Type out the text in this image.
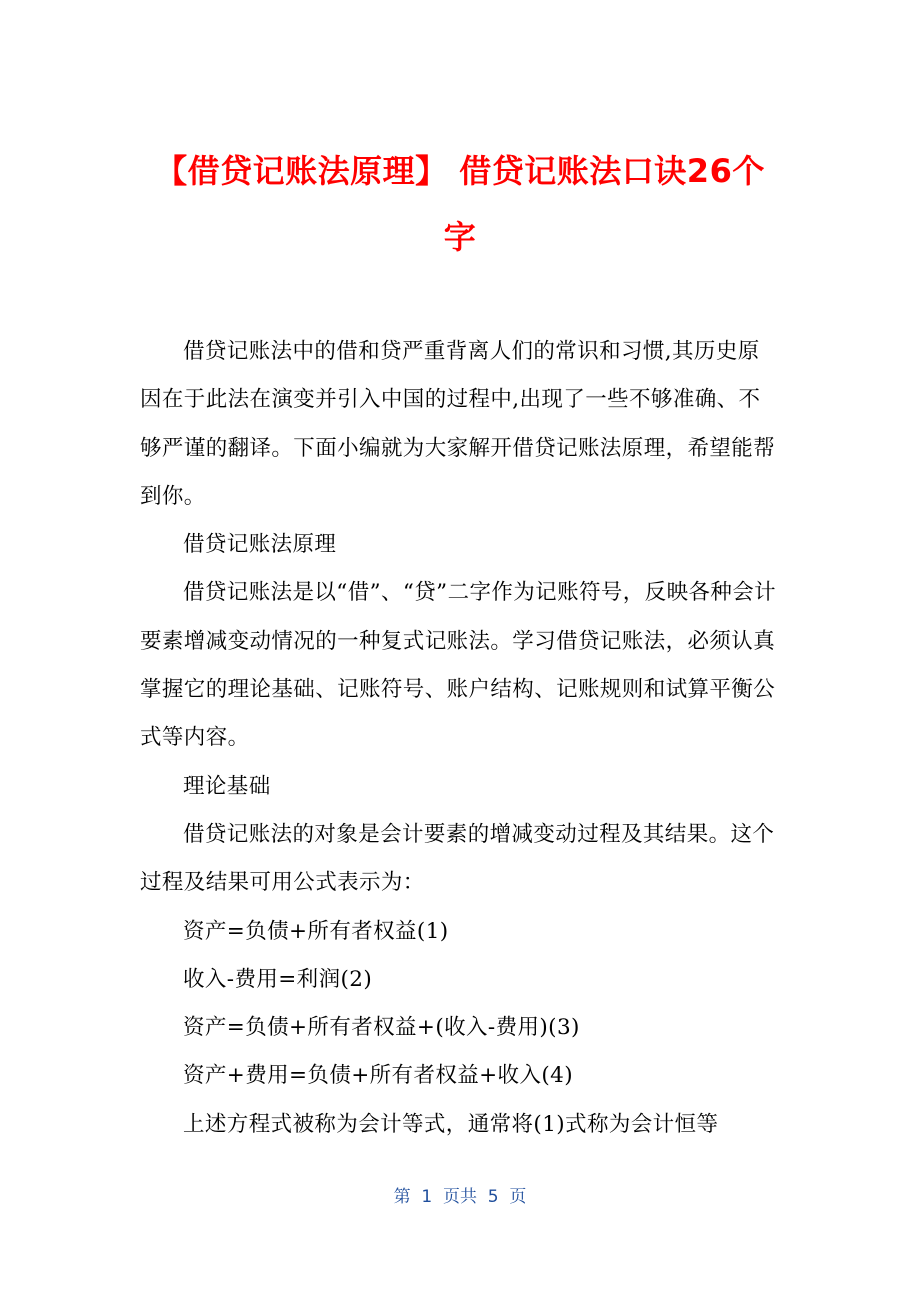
【借贷记账法原理】 借贷记账法口诀26个字

借贷记账法中的借和贷严重背离人们的常识和习惯,其历史原因在于此法在演变并引入中国的过程中,出现了一些不够准确、不够严谨的翻译。下面小编就为大家解开借贷记账法原理，希望能帮到你。

借贷记账法原理

借贷记账法是以“借”、“贷”二字作为记账符号，反映各种会计要素增减变动情况的一种复式记账法。学习借贷记账法，必须认真掌握它的理论基础、记账符号、账户结构、记账规则和试算平衡公式等内容。

理论基础

借贷记账法的对象是会计要素的增减变动过程及其结果。这个过程及结果可用公式表示为：

资产=负债+所有者权益(1)

收入-费用=利润(2)

资产=负债+所有者权益+(收入-费用)(3)

资产+费用=负债+所有者权益+收入(4)

上述方程式被称为会计等式，通常将(1)式称为会计恒等

第  1  页共  5  页
